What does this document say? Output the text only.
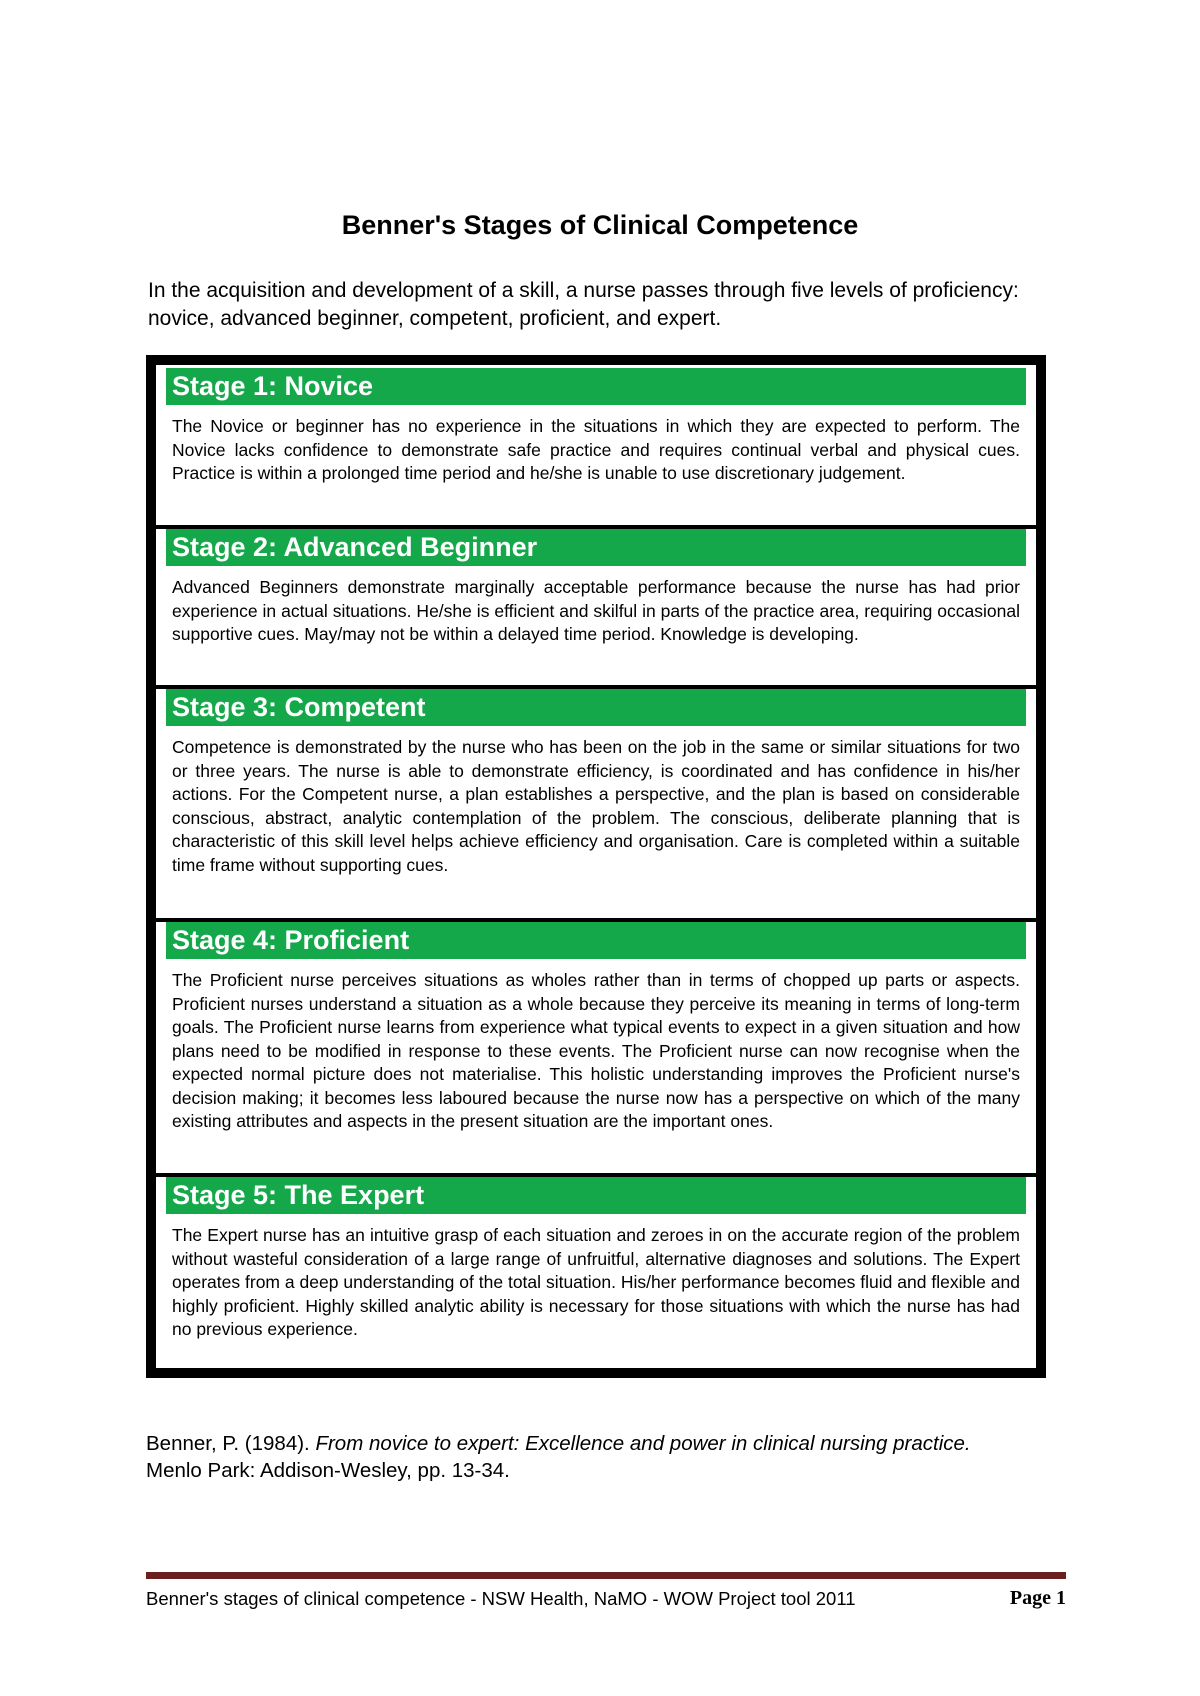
Benner's Stages of Clinical Competence
In the acquisition and development of a skill, a nurse passes through five levels of proficiency: novice, advanced beginner, competent, proficient, and expert.
Stage 1: Novice
The Novice or beginner has no experience in the situations in which they are expected to perform. The Novice lacks confidence to demonstrate safe practice and requires continual verbal and physical cues. Practice is within a prolonged time period and he/she is unable to use discretionary judgement.
Stage 2: Advanced Beginner
Advanced Beginners demonstrate marginally acceptable performance because the nurse has had prior experience in actual situations. He/she is efficient and skilful in parts of the practice area, requiring occasional supportive cues. May/may not be within a delayed time period. Knowledge is developing.
Stage 3: Competent
Competence is demonstrated by the nurse who has been on the job in the same or similar situations for two or three years. The nurse is able to demonstrate efficiency, is coordinated and has confidence in his/her actions. For the Competent nurse, a plan establishes a perspective, and the plan is based on considerable conscious, abstract, analytic contemplation of the problem. The conscious, deliberate planning that is characteristic of this skill level helps achieve efficiency and organisation. Care is completed within a suitable time frame without supporting cues.
Stage 4: Proficient
The Proficient nurse perceives situations as wholes rather than in terms of chopped up parts or aspects. Proficient nurses understand a situation as a whole because they perceive its meaning in terms of long-term goals. The Proficient nurse learns from experience what typical events to expect in a given situation and how plans need to be modified in response to these events. The Proficient nurse can now recognise when the expected normal picture does not materialise. This holistic understanding improves the Proficient nurse's decision making; it becomes less laboured because the nurse now has a perspective on which of the many existing attributes and aspects in the present situation are the important ones.
Stage 5: The Expert
The Expert nurse has an intuitive grasp of each situation and zeroes in on the accurate region of the problem without wasteful consideration of a large range of unfruitful, alternative diagnoses and solutions. The Expert operates from a deep understanding of the total situation. His/her performance becomes fluid and flexible and highly proficient. Highly skilled analytic ability is necessary for those situations with which the nurse has had no previous experience.
Benner, P. (1984). From novice to expert: Excellence and power in clinical nursing practice.
Menlo Park: Addison-Wesley, pp. 13-34.
Benner's stages of clinical competence - NSW Health, NaMO - WOW Project tool 2011	Page 1
